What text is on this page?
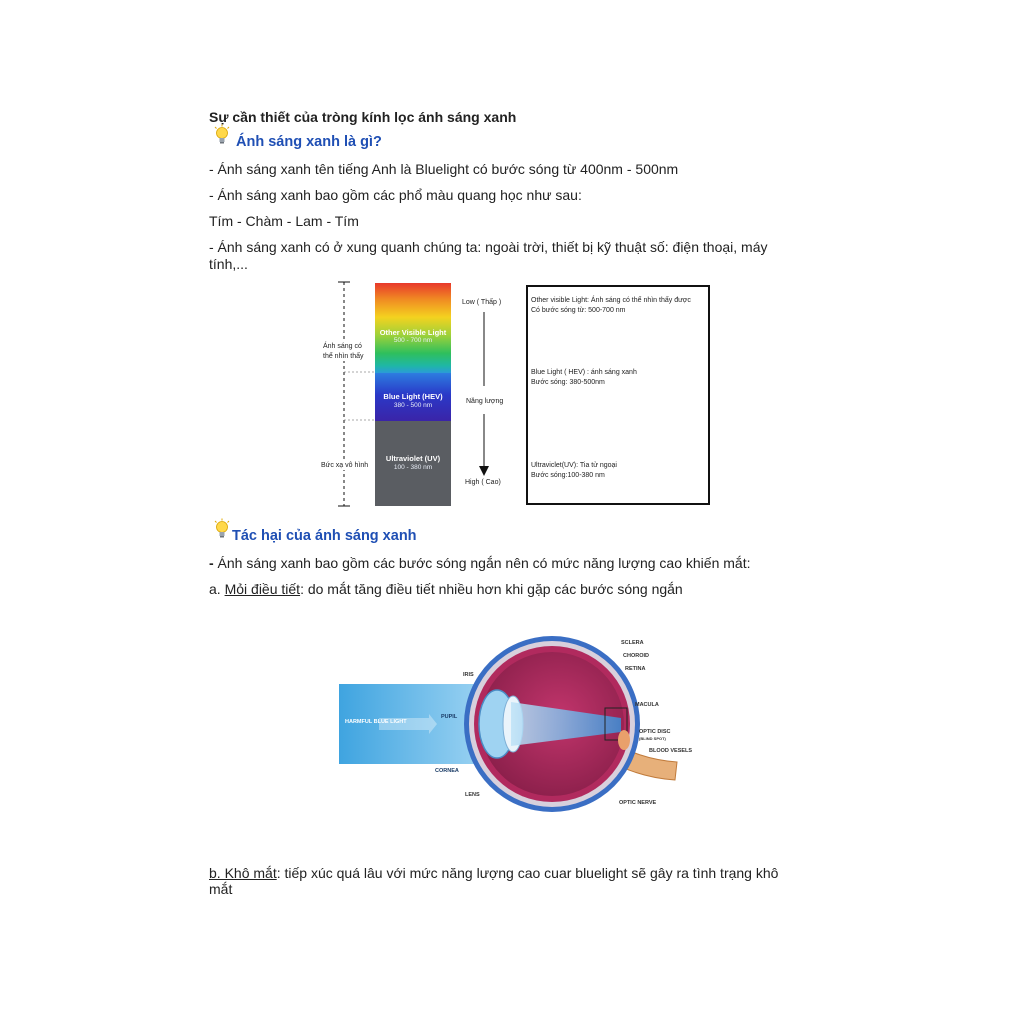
Sự cần thiết của tròng kính lọc ánh sáng xanh
Ánh sáng xanh là gì?
- Ánh sáng xanh tên tiếng Anh là Bluelight có bước sóng từ 400nm - 500nm
- Ánh sáng xanh bao gồm các phổ màu quang học như sau:
Tím - Chàm - Lam - Tím
- Ánh sáng xanh có ở xung quanh chúng ta: ngoài trời, thiết bị kỹ thuật số: điện thoại, máy
tính,...
Ánh sáng có
thể nhìn thấy
Bức xạ vô hình
Other Visible Light
500 - 700 nm
Blue Light (HEV)
380 - 500 nm
Ultraviolet (UV)
100 - 380 nm
Low ( Thấp )
Năng lượng
High ( Cao)
Other visible Light: Ánh sáng có thể nhìn thấy được
Có bước sóng từ: 500-700 nm
Blue Light ( HEV) : ánh sáng xanh
Bước sóng: 380-500nm
Ultraviclet(UV): Tia tử ngoại
Bước sóng:100-380 nm
Tác hại của ánh sáng xanh
- Ánh sáng xanh bao gồm các bước sóng ngắn nên có mức năng lượng cao khiến mắt:
a. Mỏi điều tiết: do mắt tăng điều tiết nhiều hơn khi gặp các bước sóng ngắn
HARMFUL BLUE LIGHT
SCLERA
CHOROID
RETINA
IRIS
PUPIL
MACULA
OPTIC DISC
(BLIND SPOT)
BLOOD VESELS
CORNEA
LENS
OPTIC NERVE
b. Khô mắt: tiếp xúc quá lâu với mức năng lượng cao cuar bluelight sẽ gây ra tình trạng khô
mắt
